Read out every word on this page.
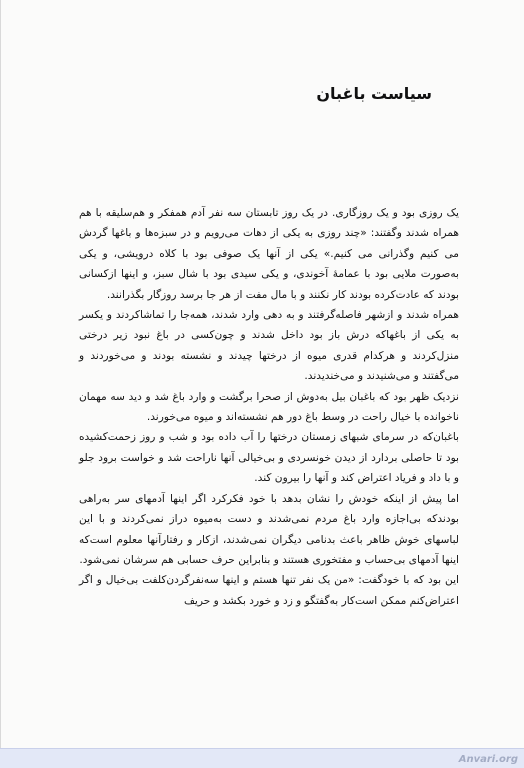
سیاست باغبان

یک روزی بود و یک روزگاری. در یک روز تابستان سه نفر آدم همفکر و هم‌سلیقه با هم همراه شدند وگفتند: «چند روزی به یکی از دهات می‌رویم و در سبزه‌ها و باغها گردش می کنیم وگذرانی می کنیم.» یکی از آنها یک صوفی بود با کلاه درویشی، و یکی به‌صورت ملایی بود با عمامهٔ آخوندی، و یکی سیدی بود با شال سبز، و اینها ازکسانی بودند که عادت‌کرده بودند کار نکنند و با مال مفت از هر جا برسد روزگار بگذرانند.

همراه شدند و ازشهر فاصله‌گرفتند و به دهی وارد شدند، همه‌جا را تماشاکردند و یکسر به یکی از باغهاکه درش باز بود داخل شدند و چون‌کسی در باغ نبود زیر درختی منزل‌کردند و هرکدام قدری میوه از درختها چیدند و نشسته بودند و می‌خوردند و می‌گفتند و می‌شنیدند و می‌خندیدند.

نزدیک ظهر بود که باغبان بیل به‌دوش از صحرا برگشت و وارد باغ شد و دید سه مهمان ناخوانده با خیال راحت در وسط باغ دور هم نشسته‌اند و میوه می‌خورند.

باغبان‌که در سرمای شبهای زمستان درختها را آب داده بود و شب و روز زحمت‌کشیده بود تا حاصلی بردارد از دیدن خونسردی و بی‌خیالی آنها ناراحت شد و خواست برود جلو و با داد و فریاد اعتراض کند و آنها را بیرون کند.

اما پیش از اینکه خودش را نشان بدهد با خود فکرکرد اگر اینها آدمهای سر به‌راهی بودندکه بی‌اجازه وارد باغ مردم نمی‌شدند و دست به‌میوه دراز نمی‌کردند و با این لباسهای خوش ظاهر باعث بدنامی دیگران نمی‌شدند، ازکار و رفتارآنها معلوم است‌که اینها آدمهای بی‌حساب و مفتخوری هستند و بنابراین حرف حسابی هم سرشان نمی‌شود.

این بود که با خودگفت: «من یک نفر تنها هستم و اینها سه‌نفرگردن‌کلفت بی‌خیال و اگر اعتراض‌کنم ممکن است‌کار به‌گفتگو و زد و خورد بکشد و حریف

Anvari.org
